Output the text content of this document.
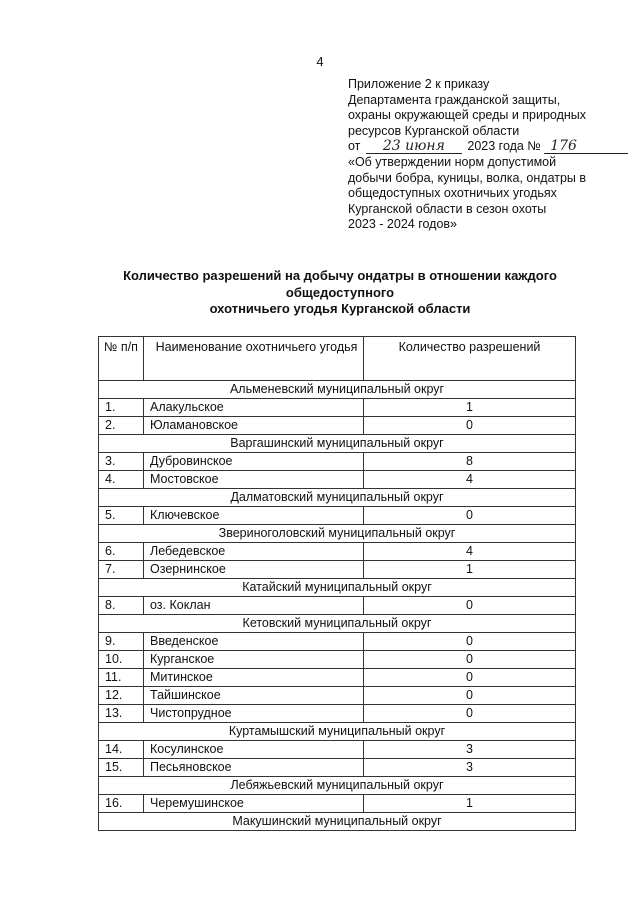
4
Приложение 2 к приказу
Департамента гражданской защиты,
охраны окружающей среды и природных
ресурсов Курганской области
от 23 июня 2023 года № 176
«Об утверждении норм допустимой
добычи бобра, куницы, волка, ондатры в
общедоступных охотничьих угодьях
Курганской области в сезон охоты
2023 - 2024 годов»
Количество разрешений на добычу ондатры в отношении каждого
общедоступного
охотничьего угодья Курганской области
№ п/п	Наименование охотничьего угодья	Количество разрешений
Альменевский муниципальный округ		
1.	Алакульское	1
2.	Юламановское	0
Варгашинский муниципальный округ		
3.	Дубровинское	8
4.	Мостовское	4
Далматовский муниципальный округ		
5.	Ключевское	0
Звериноголовский муниципальный округ		
6.	Лебедевское	4
7.	Озернинское	1
Катайский муниципальный округ		
8.	оз. Коклан	0
Кетовский муниципальный округ		
9.	Введенское	0
10.	Курганское	0
11.	Митинское	0
12.	Тайшинское	0
13.	Чистопрудное	0
Куртамышский муниципальный округ		
14.	Косулинское	3
15.	Песьяновское	3
Лебяжьевский муниципальный округ		
16.	Черемушинское	1
Макушинский муниципальный округ		
